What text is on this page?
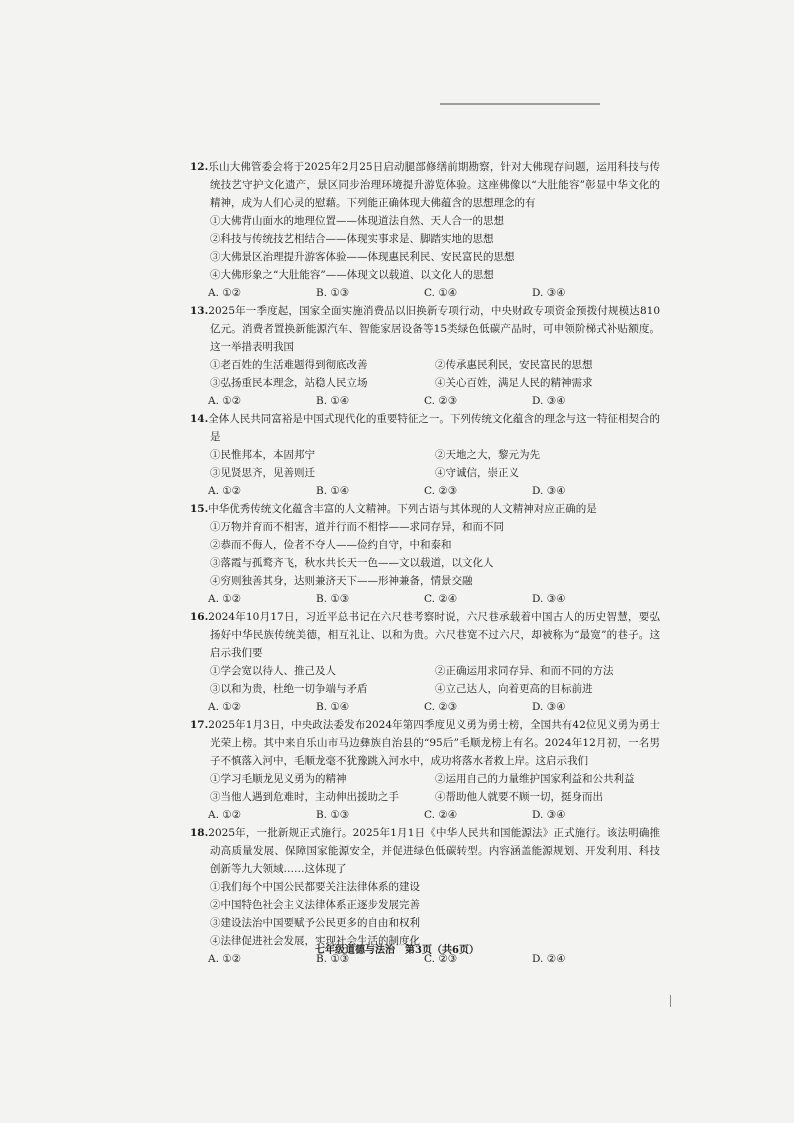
12.乐山大佛管委会将于2025年2月25日启动腿部修缮前期勘察，针对大佛现存问题，运用科技与传统技艺守护文化遗产，景区同步治理环境提升游览体验。这座佛像以“大肚能容”彰显中华文化的精神，成为人们心灵的慰藉。下列能正确体现大佛蕴含的思想理念的有
①大佛背山面水的地理位置——体现道法自然、天人合一的思想
②科技与传统技艺相结合——体现实事求是、脚踏实地的思想
③大佛景区治理提升游客体验——体现惠民利民、安民富民的思想
④大佛形象之“大肚能容”——体现文以载道、以文化人的思想
A. ①②	B. ①③	C. ①④	D. ③④
13.2025年一季度起，国家全面实施消费品以旧换新专项行动，中央财政专项资金预拨付规模达810亿元。消费者置换新能源汽车、智能家居设备等15类绿色低碳产品时，可申领阶梯式补贴额度。这一举措表明我国
①老百姓的生活难题得到彻底改善	②传承惠民利民，安民富民的思想
③弘扬重民本理念，站稳人民立场	④关心百姓，满足人民的精神需求
A. ①②	B. ①④	C. ②③	D. ③④
14.全体人民共同富裕是中国式现代化的重要特征之一。下列传统文化蕴含的理念与这一特征相契合的是
①民惟邦本，本固邦宁	②天地之大，黎元为先
③见贤思齐，见善则迁	④守诚信，崇正义
A. ①②	B. ①④	C. ②③	D. ③④
15.中华优秀传统文化蕴含丰富的人文精神。下列古语与其体现的人文精神对应正确的是
①万物并育而不相害，道并行而不相悖——求同存异，和而不同
②恭而不侮人，俭者不夺人——俭约自守，中和泰和
③落霞与孤鹜齐飞，秋水共长天一色——文以载道，以文化人
④穷则独善其身，达则兼济天下——形神兼备，情景交融
A. ①②	B. ①③	C. ②④	D. ③④
16.2024年10月17日，习近平总书记在六尺巷考察时说，六尺巷承载着中国古人的历史智慧，要弘扬好中华民族传统美德，相互礼让、以和为贵。六尺巷宽不过六尺，却被称为“最宽”的巷子。这启示我们要
①学会宽以待人、推己及人	②正确运用求同存异、和而不同的方法
③以和为贵，杜绝一切争端与矛盾	④立己达人，向着更高的目标前进
A. ①②	B. ①④	C. ②③	D. ③④
17.2025年1月3日，中央政法委发布2024年第四季度见义勇为勇士榜，全国共有42位见义勇为勇士光荣上榜。其中来自乐山市马边彝族自治县的“95后”毛顺龙榜上有名。2024年12月初，一名男子不慎落入河中，毛顺龙毫不犹豫跳入河水中，成功将落水者救上岸。这启示我们
①学习毛顺龙见义勇为的精神	②运用自己的力量维护国家利益和公共利益
③当他人遇到危难时，主动伸出援助之手	④帮助他人就要不顾一切，挺身而出
A. ①②	B. ①③	C. ②④	D. ③④
18.2025年，一批新规正式施行。2025年1月1日《中华人民共和国能源法》正式施行。该法明确推动高质量发展、保障国家能源安全，并促进绿色低碳转型。内容涵盖能源规划、开发利用、科技创新等九大领域……这体现了
①我们每个中国公民都要关注法律体系的建设
②中国特色社会主义法律体系正逐步发展完善
③建设法治中国要赋予公民更多的自由和权利
④法律促进社会发展，实现社会生活的制度化
A. ①②	B. ①③	C. ②③	D. ②④
七年级道德与法治　第3页（共6页）
